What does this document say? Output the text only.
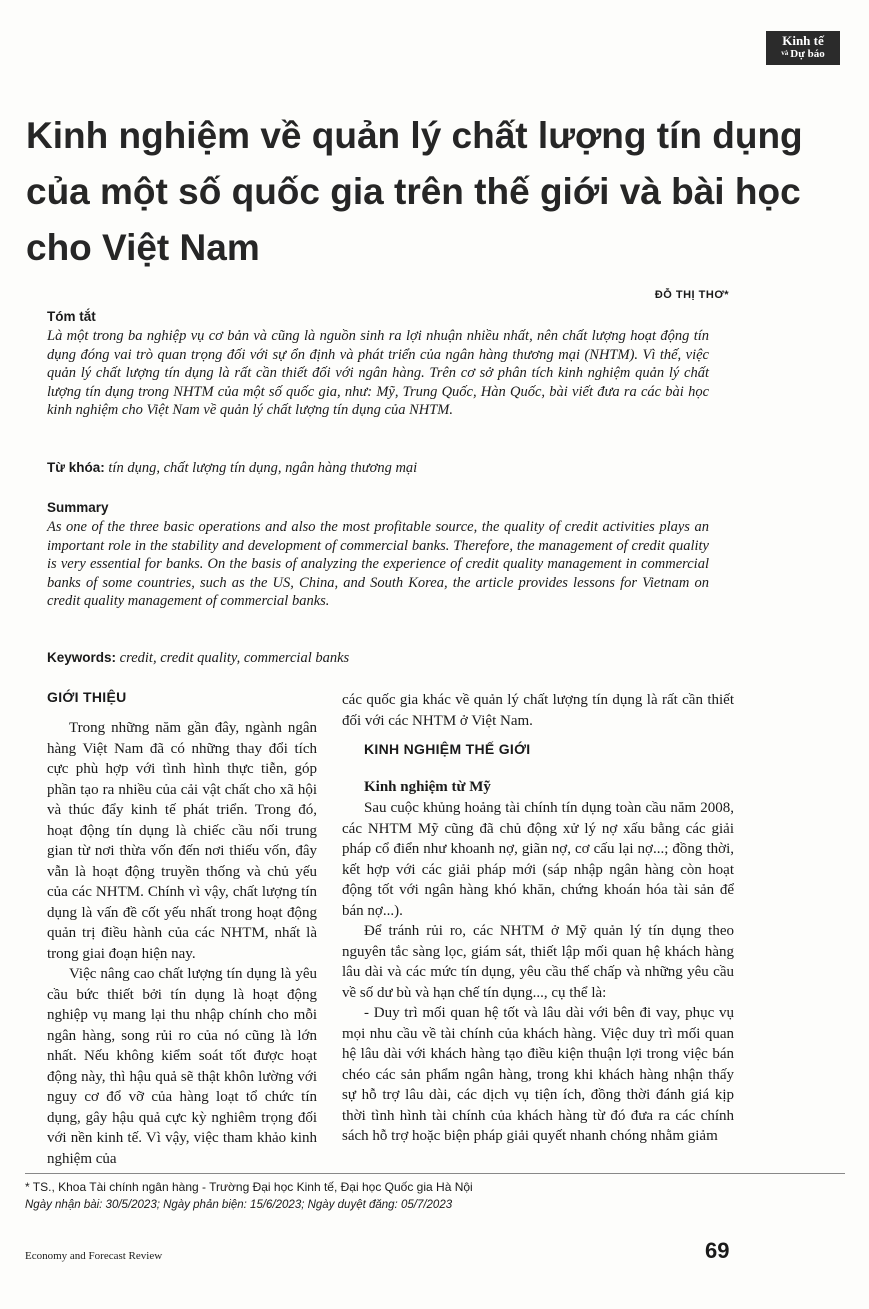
Kinh tế
và Dự báo
Kinh nghiệm về quản lý chất lượng tín dụng của một số quốc gia trên thế giới và bài học cho Việt Nam

ĐỖ THỊ THƠ*

Tóm tắt

Là một trong ba nghiệp vụ cơ bản và cũng là nguồn sinh ra lợi nhuận nhiều nhất, nên chất lượng hoạt động tín dụng đóng vai trò quan trọng đối với sự ổn định và phát triển của ngân hàng thương mại (NHTM). Vì thế, việc quản lý chất lượng tín dụng là rất cần thiết đối với ngân hàng. Trên cơ sở phân tích kinh nghiệm quản lý chất lượng tín dụng trong NHTM của một số quốc gia, như: Mỹ, Trung Quốc, Hàn Quốc, bài viết đưa ra các bài học kinh nghiệm cho Việt Nam về quản lý chất lượng tín dụng của NHTM.

Từ khóa: tín dụng, chất lượng tín dụng, ngân hàng thương mại

Summary

As one of the three basic operations and also the most profitable source, the quality of credit activities plays an important role in the stability and development of commercial banks. Therefore, the management of credit quality is very essential for banks. On the basis of analyzing the experience of credit quality management in commercial banks of some countries, such as the US, China, and South Korea, the article provides lessons for Vietnam on credit quality management of commercial banks.

Keywords: credit, credit quality, commercial banks

GIỚI THIỆU

Trong những năm gần đây, ngành ngân hàng Việt Nam đã có những thay đổi tích cực phù hợp với tình hình thực tiễn, góp phần tạo ra nhiều của cải vật chất cho xã hội và thúc đẩy kinh tế phát triển. Trong đó, hoạt động tín dụng là chiếc cầu nối trung gian từ nơi thừa vốn đến nơi thiếu vốn, đây vẫn là hoạt động truyền thống và chủ yếu của các NHTM. Chính vì vậy, chất lượng tín dụng là vấn đề cốt yếu nhất trong hoạt động quản trị điều hành của các NHTM, nhất là trong giai đoạn hiện nay.

Việc nâng cao chất lượng tín dụng là yêu cầu bức thiết bởi tín dụng là hoạt động nghiệp vụ mang lại thu nhập chính cho mỗi ngân hàng, song rủi ro của nó cũng là lớn nhất. Nếu không kiểm soát tốt được hoạt động này, thì hậu quả sẽ thật khôn lường với nguy cơ đổ vỡ của hàng loạt tổ chức tín dụng, gây hậu quả cực kỳ nghiêm trọng đối với nền kinh tế. Vì vậy, việc tham khảo kinh nghiệm của

các quốc gia khác về quản lý chất lượng tín dụng là rất cần thiết đối với các NHTM ở Việt Nam.

KINH NGHIỆM THẾ GIỚI

Kinh nghiệm từ Mỹ

Sau cuộc khủng hoảng tài chính tín dụng toàn cầu năm 2008, các NHTM Mỹ cũng đã chủ động xử lý nợ xấu bằng các giải pháp cổ điển như khoanh nợ, giãn nợ, cơ cấu lại nợ...; đồng thời, kết hợp với các giải pháp mới (sáp nhập ngân hàng còn hoạt động tốt với ngân hàng khó khăn, chứng khoán hóa tài sản để bán nợ...).

Để tránh rủi ro, các NHTM ở Mỹ quản lý tín dụng theo nguyên tắc sàng lọc, giám sát, thiết lập mối quan hệ khách hàng lâu dài và các mức tín dụng, yêu cầu thế chấp và những yêu cầu về số dư bù và hạn chế tín dụng..., cụ thể là:

- Duy trì mối quan hệ tốt và lâu dài với bên đi vay, phục vụ mọi nhu cầu về tài chính của khách hàng. Việc duy trì mối quan hệ lâu dài với khách hàng tạo điều kiện thuận lợi trong việc bán chéo các sản phẩm ngân hàng, trong khi khách hàng nhận thấy sự hỗ trợ lâu dài, các dịch vụ tiện ích, đồng thời đánh giá kịp thời tình hình tài chính của khách hàng từ đó đưa ra các chính sách hỗ trợ hoặc biện pháp giải quyết nhanh chóng nhằm giảm

* TS., Khoa Tài chính ngân hàng - Trường Đại học Kinh tế, Đại học Quốc gia Hà Nội

Ngày nhận bài: 30/5/2023; Ngày phản biện: 15/6/2023; Ngày duyệt đăng: 05/7/2023

Economy and Forecast Review	69
